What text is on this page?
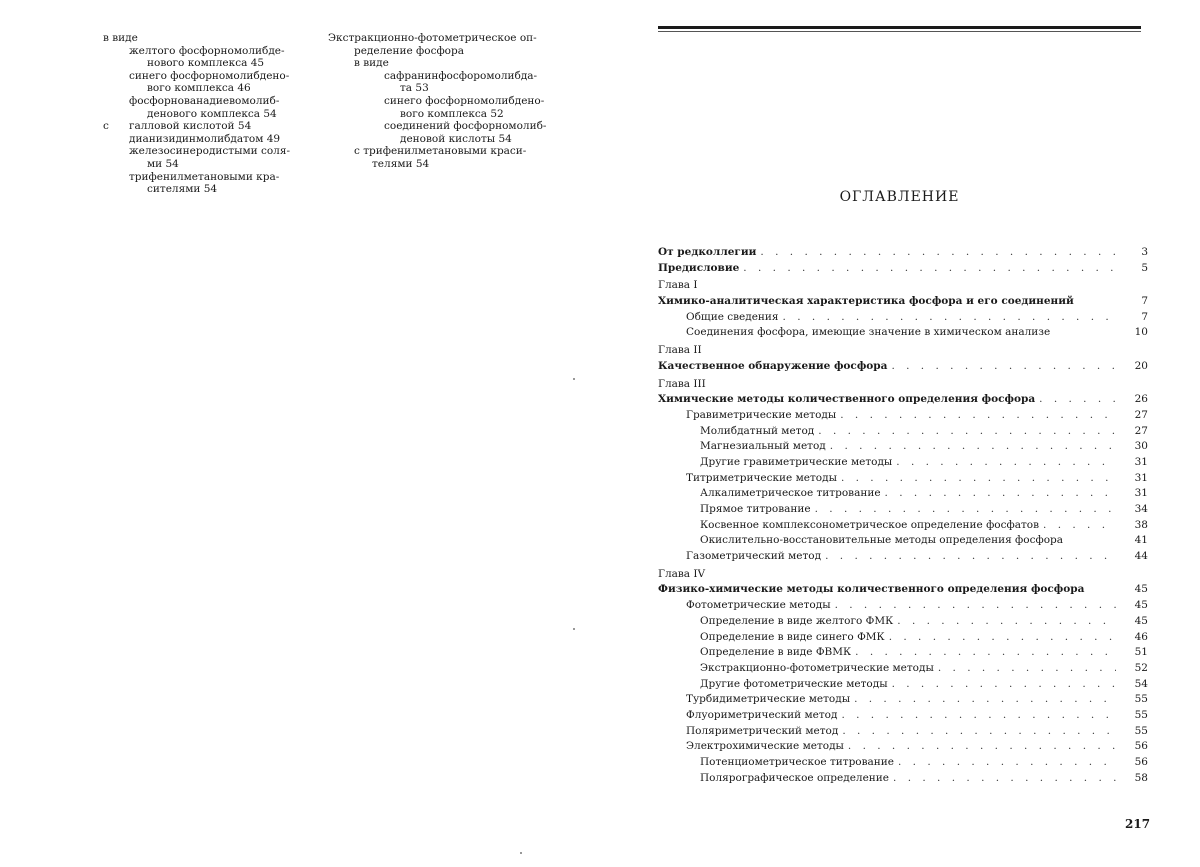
в виде
желтого фосфорномолибде-
нового комплекса 45
синего фосфорномолибдено-
вого комплекса 46
фосфорнованадиевомолиб-
денового комплекса 54
с галловой кислотой 54
дианизидинмолибдатом 49
железосинеродистыми соля-
ми 54
трифенилметановыми кра-
сителями 54
Экстракционно-фотометрическое оп-
ределение фосфора
в виде
сафранинфосфоромолибда-
та 53
синего фосфорномолибдено-
вого комплекса 52
соединений фосфорномолиб-
деновой кислоты 54
с трифенилметановыми краси-
телями 54
ОГЛАВЛЕНИЕ
От редколлегии . . .	3
Предисловие . . .	5
Глава I
Химико-аналитическая характеристика фосфора и его соединений	7
Общие сведения . . .	7
Соединения фосфора, имеющие значение в химическом анализе	10
Глава II
Качественное обнаружение фосфора . . .	20
Глава III
Химические методы количественного определения фосфора . . .	26
Гравиметрические методы . . .	27
Молибдатный метод . . .	27
Магнезиальный метод . . .	30
Другие гравиметрические методы . . .	31
Титриметрические методы . . .	31
Алкалиметрическое титрование . . .	31
Прямое титрование . . .	34
Косвенное комплексонометрическое определение фосфатов . . .	38
Окислительно-восстановительные методы определения фосфора	41
Газометрический метод . . .	44
Глава IV
Физико-химические методы количественного определения фосфора	45
Фотометрические методы . . .	45
Определение в виде желтого ФМК . . .	45
Определение в виде синего ФМК . . .	46
Определение в виде ФВМК . . .	51
Экстракционно-фотометрические методы . . .	52
Другие фотометрические методы . . .	54
Турбидиметрические методы . . .	55
Флуориметрический метод . . .	55
Поляриметрический метод . . .	55
Электрохимические методы . . .	56
Потенциометрическое титрование . . .	56
Полярографическое определение . . .	58
217
